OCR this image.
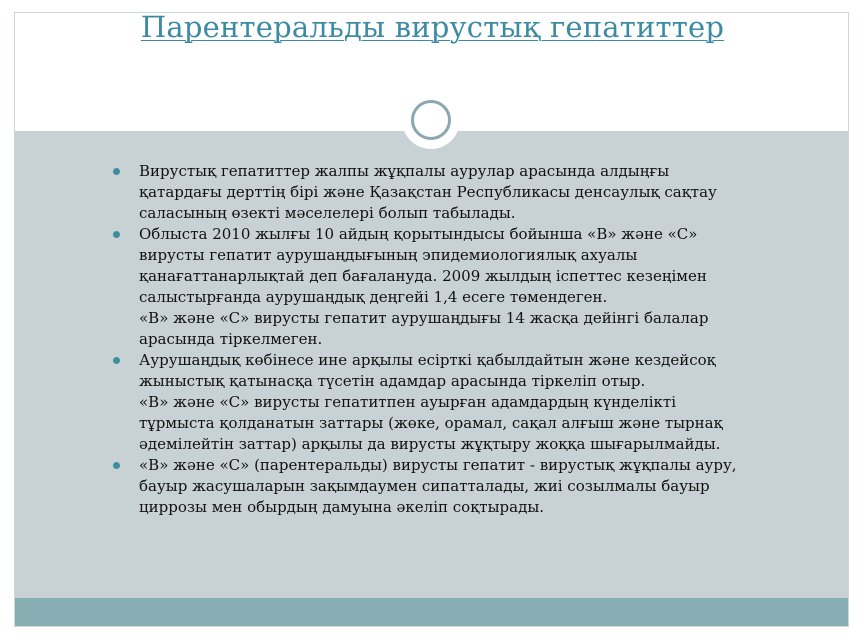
Парентеральды вирустық гепатиттер
Вирустық гепатиттер жалпы жұқпалы аурулар арасында алдыңғы
қатардағы дерттің бірі және Қазақстан Республикасы денсаулық сақтау
саласының өзекті мәселелері болып табылады.
Облыста 2010 жылғы 10 айдың қорытындысы бойынша «В» және «С»
вирусты гепатит аурушаңдығының эпидемиологиялық ахуалы
қанағаттанарлықтай деп бағалануда. 2009 жылдың іспеттес кезеңімен
салыстырғанда аурушаңдық деңгейі 1,4 есеге төмендеген.
«В» және «С» вирусты гепатит аурушаңдығы 14 жасқа дейінгі балалар
арасында тіркелмеген.
Аурушаңдық көбінесе ине арқылы есірткі қабылдайтын және кездейсоқ
жыныстық қатынасқа түсетін адамдар арасында тіркеліп отыр.
«В» және «С» вирусты гепатитпен ауырған адамдардың күнделікті
тұрмыста қолданатын заттары (жөке, орамал, сақал алғыш және тырнақ
әдемілейтін заттар) арқылы да вирусты жұқтыру жоққа шығарылмайды.
«В» және «С» (парентеральды) вирусты гепатит - вирустық жұқпалы ауру,
бауыр жасушаларын зақымдаумен сипатталады, жиі созылмалы бауыр
циррозы мен обырдың дамуына әкеліп соқтырады.
